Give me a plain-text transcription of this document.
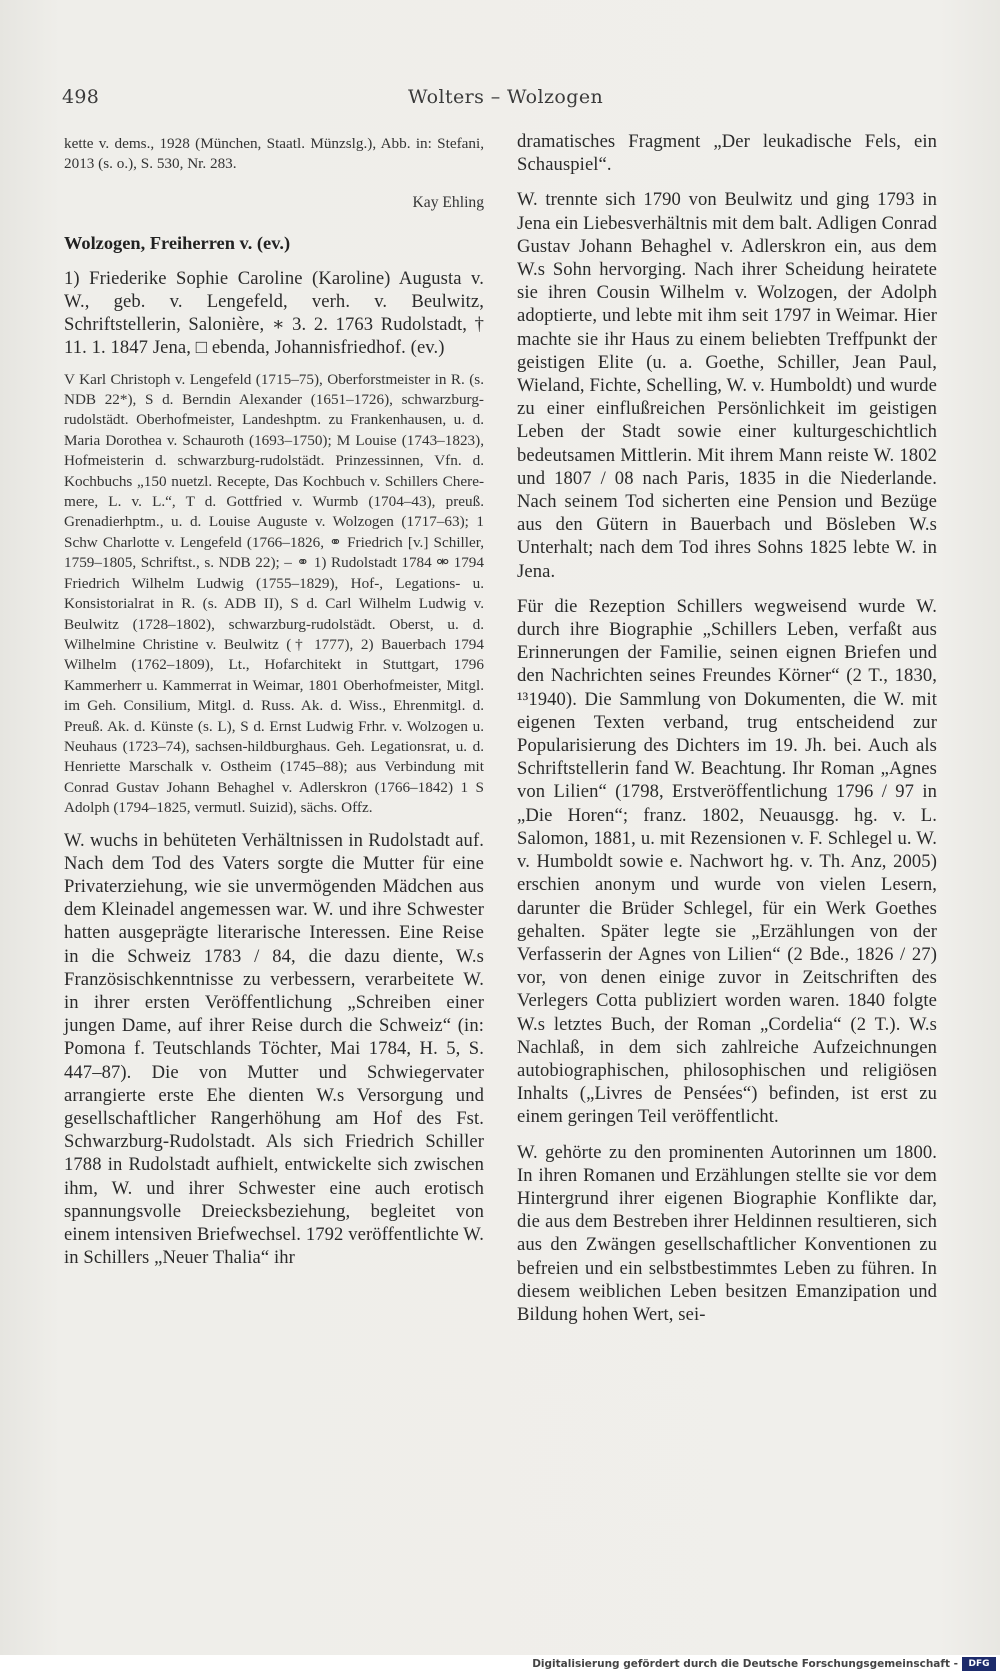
498	Wolters – Wolzogen

kette v. dems., 1928 (München, Staatl. Münzslg.), Abb. in: Stefani, 2013 (s. o.), S. 530, Nr. 283.

Kay Ehling

Wolzogen, Freiherren v. (ev.)

1) Friederike Sophie Caroline (Karoline) Augusta v. W., geb. v. Lengefeld, verh. v. Beulwitz, Schriftstellerin, Salonière, ∗ 3. 2. 1763 Rudolstadt, † 11. 1. 1847 Jena, □ ebenda, Johannisfriedhof. (ev.)

V Karl Christoph v. Lengefeld (1715–75), Oberforstmeister in R. (s. NDB 22*), S d. Berndin Alexander (1651–1726), schwarzburg-rudolstädt. Oberhofmeister, Landeshptm. zu Frankenhausen, u. d. Maria Dorothea v. Schauroth (1693–1750); M Louise (1743–1823), Hofmeisterin d. schwarzburg-rudolstädt. Prinzessinnen, Vfn. d. Kochbuchs „150 nuetzl. Recepte, Das Kochbuch v. Schillers Chere-mere, L. v. L.“, T d. Gottfried v. Wurmb (1704–43), preuß. Grenadierhptm., u. d. Louise Auguste v. Wolzogen (1717–63); 1 Schw Charlotte v. Lengefeld (1766–1826, ⚭ Friedrich [v.] Schiller, 1759–1805, Schriftst., s. NDB 22); – ⚭ 1) Rudolstadt 1784 ⚮ 1794 Friedrich Wilhelm Ludwig (1755–1829), Hof-, Legations- u. Konsistorialrat in R. (s. ADB II), S d. Carl Wilhelm Ludwig v. Beulwitz (1728–1802), schwarzburg-rudolstädt. Oberst, u. d. Wilhelmine Christine v. Beulwitz († 1777), 2) Bauerbach 1794 Wilhelm (1762–1809), Lt., Hofarchitekt in Stuttgart, 1796 Kammerherr u. Kammerrat in Weimar, 1801 Oberhofmeister, Mitgl. im Geh. Consilium, Mitgl. d. Russ. Ak. d. Wiss., Ehrenmitgl. d. Preuß. Ak. d. Künste (s. L), S d. Ernst Ludwig Frhr. v. Wolzogen u. Neuhaus (1723–74), sachsen-hildburghaus. Geh. Legationsrat, u. d. Henriette Marschalk v. Ostheim (1745–88); aus Verbindung mit Conrad Gustav Johann Behaghel v. Adlerskron (1766–1842) 1 S Adolph (1794–1825, vermutl. Suizid), sächs. Offz.

W. wuchs in behüteten Verhältnissen in Rudolstadt auf. Nach dem Tod des Vaters sorgte die Mutter für eine Privaterziehung, wie sie unvermögenden Mädchen aus dem Kleinadel angemessen war. W. und ihre Schwester hatten ausgeprägte literarische Interessen. Eine Reise in die Schweiz 1783 / 84, die dazu diente, W.s Französischkenntnisse zu verbessern, verarbeitete W. in ihrer ersten Veröffentlichung „Schreiben einer jungen Dame, auf ihrer Reise durch die Schweiz“ (in: Pomona f. Teutschlands Töchter, Mai 1784, H. 5, S. 447–87). Die von Mutter und Schwiegervater arrangierte erste Ehe dienten W.s Versorgung und gesellschaftlicher Rangerhöhung am Hof des Fst. Schwarzburg-Rudolstadt. Als sich Friedrich Schiller 1788 in Rudolstadt aufhielt, entwickelte sich zwischen ihm, W. und ihrer Schwester eine auch erotisch spannungsvolle Dreiecksbeziehung, begleitet von einem intensiven Briefwechsel. 1792 veröffentlichte W. in Schillers „Neuer Thalia“ ihr

dramatisches Fragment „Der leukadische Fels, ein Schauspiel“.

W. trennte sich 1790 von Beulwitz und ging 1793 in Jena ein Liebesverhältnis mit dem balt. Adligen Conrad Gustav Johann Behaghel v. Adlerskron ein, aus dem W.s Sohn hervorging. Nach ihrer Scheidung heiratete sie ihren Cousin Wilhelm v. Wolzogen, der Adolph adoptierte, und lebte mit ihm seit 1797 in Weimar. Hier machte sie ihr Haus zu einem beliebten Treffpunkt der geistigen Elite (u. a. Goethe, Schiller, Jean Paul, Wieland, Fichte, Schelling, W. v. Humboldt) und wurde zu einer einflußreichen Persönlichkeit im geistigen Leben der Stadt sowie einer kulturgeschichtlich bedeutsamen Mittlerin. Mit ihrem Mann reiste W. 1802 und 1807 / 08 nach Paris, 1835 in die Niederlande. Nach seinem Tod sicherten eine Pension und Bezüge aus den Gütern in Bauerbach und Bösleben W.s Unterhalt; nach dem Tod ihres Sohns 1825 lebte W. in Jena.

Für die Rezeption Schillers wegweisend wurde W. durch ihre Biographie „Schillers Leben, verfaßt aus Erinnerungen der Familie, seinen eignen Briefen und den Nachrichten seines Freundes Körner“ (2 T., 1830, ¹³1940). Die Sammlung von Dokumenten, die W. mit eigenen Texten verband, trug entscheidend zur Popularisierung des Dichters im 19. Jh. bei. Auch als Schriftstellerin fand W. Beachtung. Ihr Roman „Agnes von Lilien“ (1798, Erstveröffentlichung 1796 / 97 in „Die Horen“; franz. 1802, Neuausgg. hg. v. L. Salomon, 1881, u. mit Rezensionen v. F. Schlegel u. W. v. Humboldt sowie e. Nachwort hg. v. Th. Anz, 2005) erschien anonym und wurde von vielen Lesern, darunter die Brüder Schlegel, für ein Werk Goethes gehalten. Später legte sie „Erzählungen von der Verfasserin der Agnes von Lilien“ (2 Bde., 1826 / 27) vor, von denen einige zuvor in Zeitschriften des Verlegers Cotta publiziert worden waren. 1840 folgte W.s letztes Buch, der Roman „Cordelia“ (2 T.). W.s Nachlaß, in dem sich zahlreiche Aufzeichnungen autobiographischen, philosophischen und religiösen Inhalts („Livres de Pensées“) befinden, ist erst zu einem geringen Teil veröffentlicht.

W. gehörte zu den prominenten Autorinnen um 1800. In ihren Romanen und Erzählungen stellte sie vor dem Hintergrund ihrer eigenen Biographie Konflikte dar, die aus dem Bestreben ihrer Heldinnen resultieren, sich aus den Zwängen gesellschaftlicher Konventionen zu befreien und ein selbstbestimmtes Leben zu führen. In diesem weiblichen Leben besitzen Emanzipation und Bildung hohen Wert, sei-

Digitalisierung gefördert durch die Deutsche Forschungsgemeinschaft -	DFG
